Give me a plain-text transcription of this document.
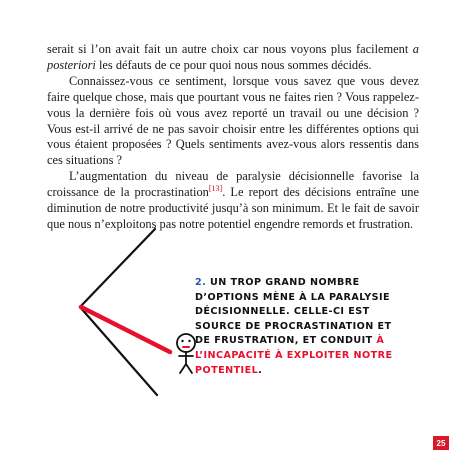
serait si l’on avait fait un autre choix car nous voyons plus facilement a posteriori les défauts de ce pour quoi nous nous sommes décidés.

Connaissez-vous ce sentiment, lorsque vous savez que vous devez faire quelque chose, mais que pourtant vous ne faites rien ? Vous rappelez-vous la dernière fois où vous avez reporté un travail ou une décision ? Vous est-il arrivé de ne pas savoir choisir entre les différentes options qui vous étaient proposées ? Quels sentiments avez-vous alors ressentis dans ces situations ?

L’augmentation du niveau de paralysie décisionnelle favorise la croissance de la procrastination[13]. Le report des décisions entraîne une diminution de notre productivité jusqu’à son minimum. Et le fait de savoir que nous n’exploitons pas notre potentiel engendre remords et frustration.

2. UN TROP GRAND NOMBRE D’OPTIONS MÈNE À LA PARALYSIE DÉCISIONNELLE. CELLE-CI EST SOURCE DE PROCRASTINATION ET DE FRUSTRATION, ET CONDUIT À L’INCAPACITÉ À EXPLOITER NOTRE POTENTIEL.
25
